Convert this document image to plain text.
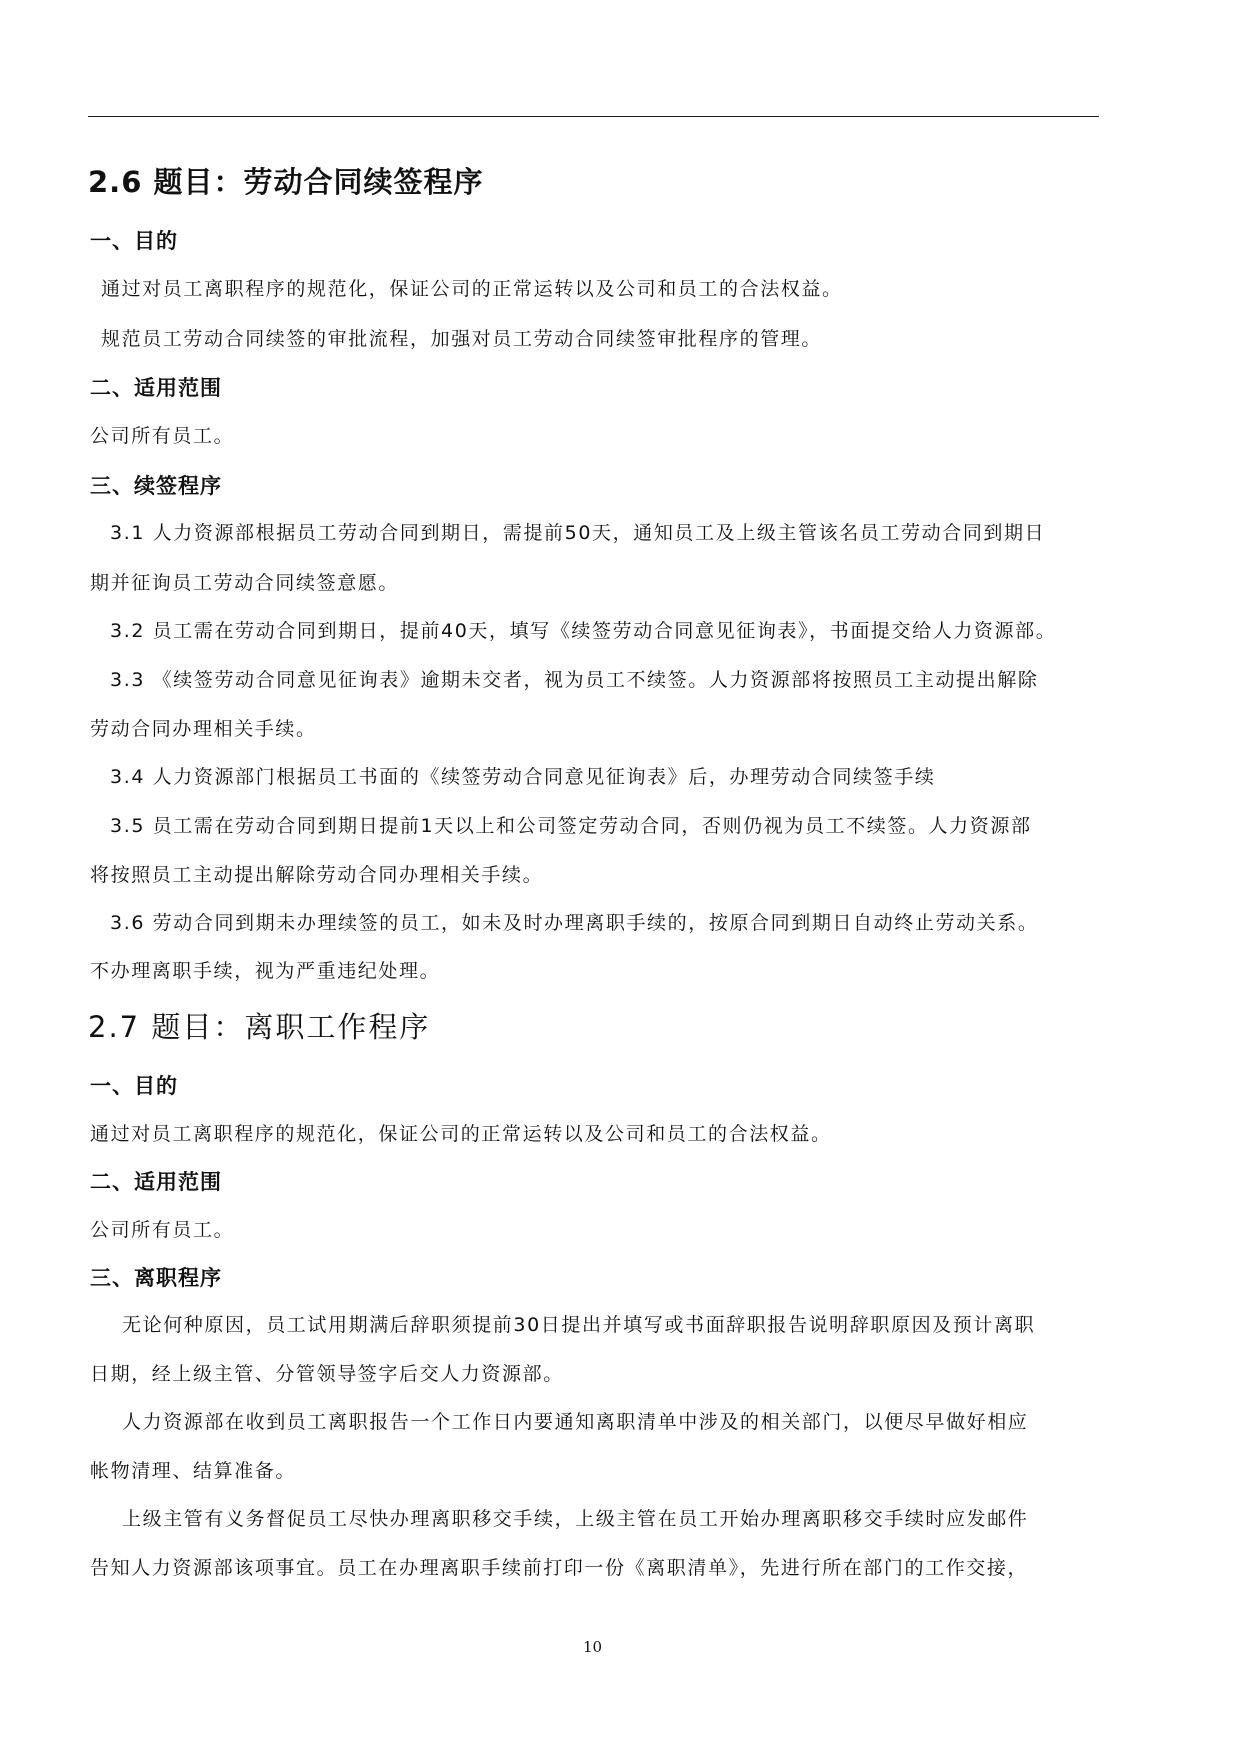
2.6 题目：劳动合同续签程序
一、目的
通过对员工离职程序的规范化，保证公司的正常运转以及公司和员工的合法权益。
规范员工劳动合同续签的审批流程，加强对员工劳动合同续签审批程序的管理。
二、适用范围
公司所有员工。
三、续签程序
3.1 人力资源部根据员工劳动合同到期日，需提前50天，通知员工及上级主管该名员工劳动合同到期日
期并征询员工劳动合同续签意愿。
3.2 员工需在劳动合同到期日，提前40天，填写《续签劳动合同意见征询表》，书面提交给人力资源部。
3.3 《续签劳动合同意见征询表》逾期未交者，视为员工不续签。人力资源部将按照员工主动提出解除
劳动合同办理相关手续。
3.4 人力资源部门根据员工书面的《续签劳动合同意见征询表》后，办理劳动合同续签手续
3.5 员工需在劳动合同到期日提前1天以上和公司签定劳动合同，否则仍视为员工不续签。人力资源部
将按照员工主动提出解除劳动合同办理相关手续。
3.6 劳动合同到期未办理续签的员工，如未及时办理离职手续的，按原合同到期日自动终止劳动关系。
不办理离职手续，视为严重违纪处理。
2.7 题目：离职工作程序
一、目的
通过对员工离职程序的规范化，保证公司的正常运转以及公司和员工的合法权益。
二、适用范围
公司所有员工。
三、离职程序
无论何种原因，员工试用期满后辞职须提前30日提出并填写或书面辞职报告说明辞职原因及预计离职
日期，经上级主管、分管领导签字后交人力资源部。
人力资源部在收到员工离职报告一个工作日内要通知离职清单中涉及的相关部门，以便尽早做好相应
帐物清理、结算准备。
上级主管有义务督促员工尽快办理离职移交手续，上级主管在员工开始办理离职移交手续时应发邮件
告知人力资源部该项事宜。员工在办理离职手续前打印一份《离职清单》，先进行所在部门的工作交接，
10
